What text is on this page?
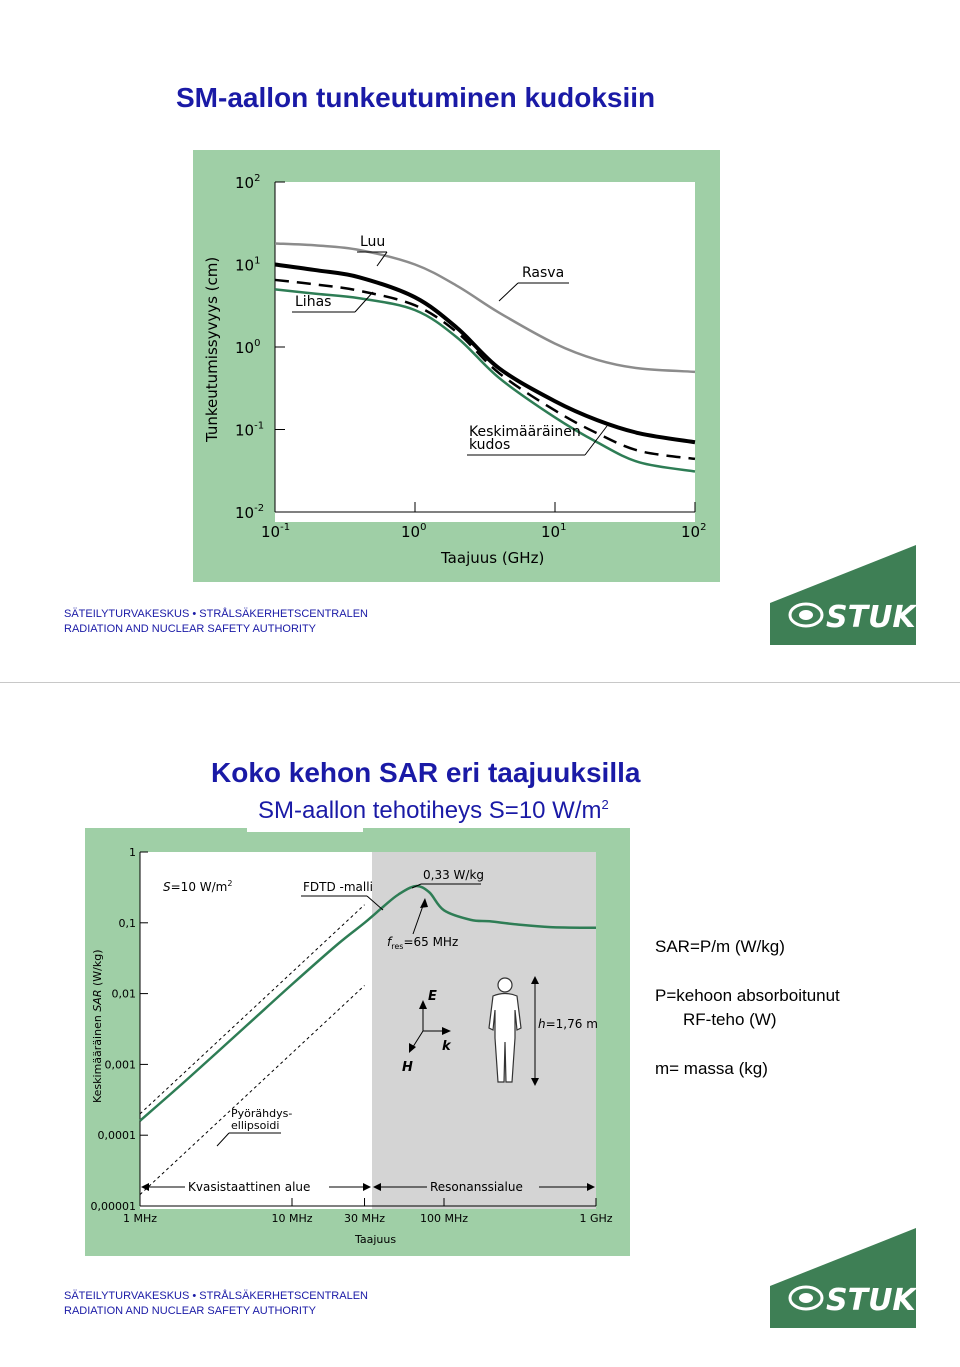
SM-aallon tunkeutuminen kudoksiin
$10^2$
$10^1$
$10^0$
$10^{-1}$
$10^{-2}$
$10^{-1}$	$10^0$	$10^1$	$10^2$
Tunkeutumissyvyys (cm)
Taajuus (GHz)
Luu
Rasva
Lihas
Keskimääräinen
kudos
SÄTEILYTURVAKESKUS • STRÅLSÄKERHETSCENTRALEN
RADIATION AND NUCLEAR SAFETY AUTHORITY	STUK
Koko kehon SAR eri taajuuksilla
SM-aallon tehotiheys S=10 $W/m^2$
1
0,1
0,01
0,001
0,0001
0,00001
1 MHz	10 MHz	30 MHz	100 MHz	1 GHz
Keskimääräinen SAR (W/kg)
Taajuus
S=10 $W/m^2$	FDTD -malli
0,33 W/kg
$f_{res}=65$ MHz
Pyörähdys-
ellipsoidi
Kvasistaattinen alue	Resonanssialue
E
H
k
h=1,76 m
SAR=P/m (W/kg)
P=kehoon absorboitunut
RF-teho (W)
m= massa (kg)
SÄTEILYTURVAKESKUS • STRÅLSÄKERHETSCENTRALEN
RADIATION AND NUCLEAR SAFETY AUTHORITY	STUK
